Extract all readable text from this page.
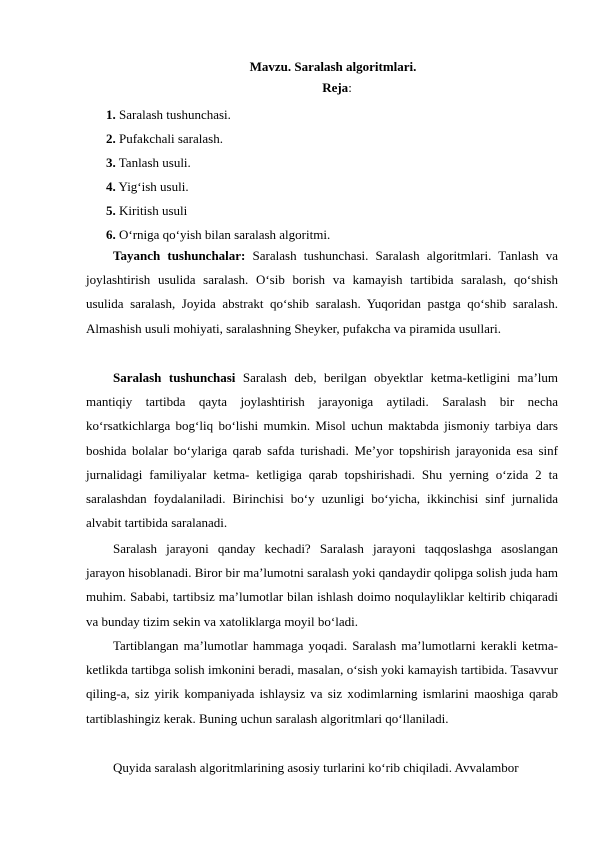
Mavzu. Saralash algoritmlari.
Reja:
1. Saralash tushunchasi.
2. Pufakchali saralash.
3. Tanlash usuli.
4. Yig‘ish usuli.
5. Kiritish usuli
6. O‘rniga qo‘yish bilan saralash algoritmi.
Tayanch tushunchalar: Saralash tushunchasi. Saralash algoritmlari. Tanlash va joylashtirish usulida saralash. O‘sib borish va kamayish tartibida saralash, qo‘shish usulida saralash, Joyida abstrakt qo‘shib saralash. Yuqoridan pastga qo‘shib saralash. Almashish usuli mohiyati, saralashning Sheyker, pufakcha va piramida usullari.
Saralash tushunchasi Saralash deb, berilgan obyektlar ketma-ketligini ma’lum mantiqiy tartibda qayta joylashtirish jarayoniga aytiladi. Saralash bir necha ko‘rsatkichlarga bog‘liq bo‘lishi mumkin. Misol uchun maktabda jismoniy tarbiya dars boshida bolalar bo‘ylariga qarab safda turishadi. Me’yor topshirish jarayonida esa sinf jurnalidagi familiyalar ketma- ketligiga qarab topshirishadi. Shu yerning o‘zida 2 ta saralashdan foydalaniladi. Birinchisi bo‘y uzunligi bo‘yicha, ikkinchisi sinf jurnalida alvabit tartibida saralanadi.
Saralash jarayoni qanday kechadi? Saralash jarayoni taqqoslashga asoslangan jarayon hisoblanadi. Biror bir ma’lumotni saralash yoki qandaydir qolipga solish juda ham muhim. Sababi, tartibsiz ma’lumotlar bilan ishlash doimo noqulayliklar keltirib chiqaradi va bunday tizim sekin va xatoliklarga moyil bo‘ladi.
Tartiblangan ma’lumotlar hammaga yoqadi. Saralash ma’lumotlarni kerakli ketma-ketlikda tartibga solish imkonini beradi, masalan, o‘sish yoki kamayish tartibida. Tasavvur qiling-a, siz yirik kompaniyada ishlaysiz va siz xodimlarning ismlarini maoshiga qarab tartiblashingiz kerak. Buning uchun saralash algoritmlari qo‘llaniladi.
Quyida saralash algoritmlarining asosiy turlarini ko‘rib chiqiladi. Avvalambor
